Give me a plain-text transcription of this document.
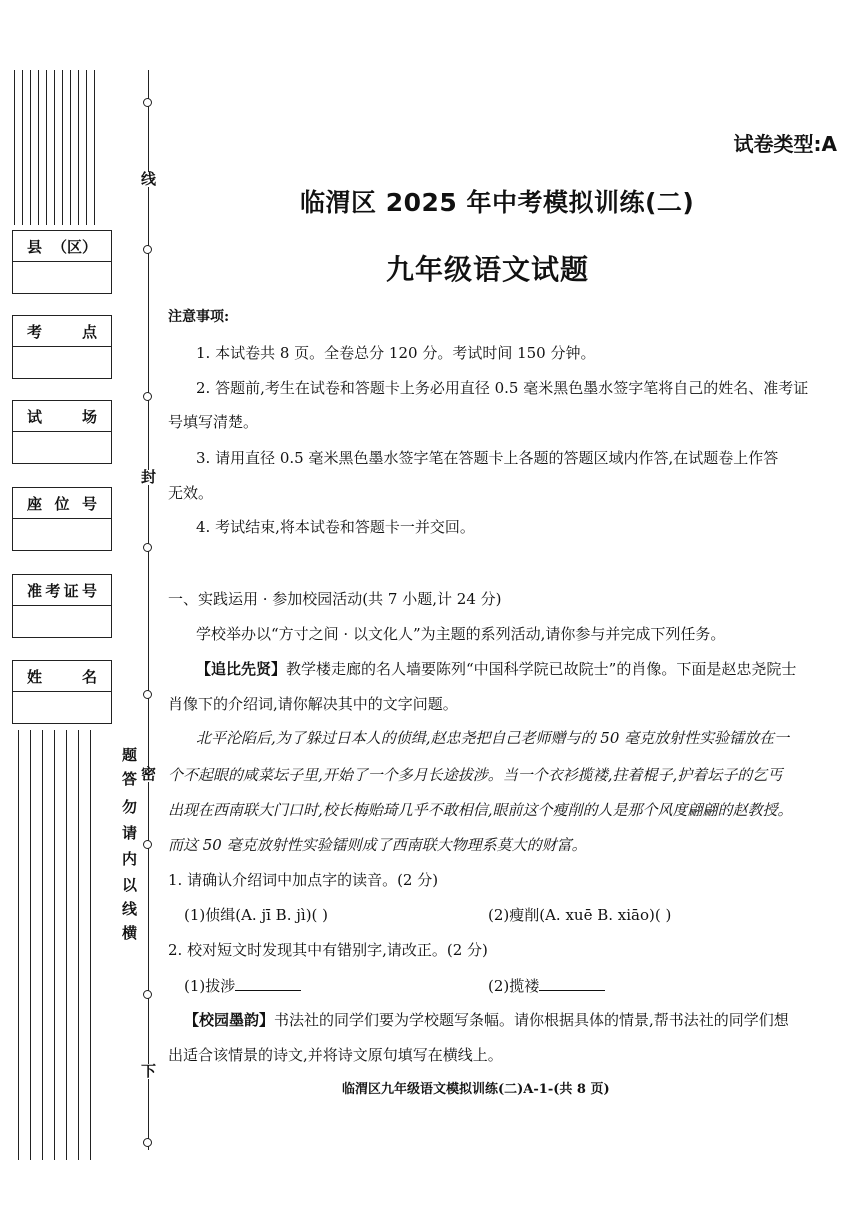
线
封
密
下
题
答
勿
请
内
以
线
横
县 （区）
考	点
试	场
座 位 号
准 考 证 号
姓	名
试卷类型:A
临渭区 2025 年中考模拟训练(二)
九年级语文试题
注意事项:
1. 本试卷共 8 页。全卷总分 120 分。考试时间 150 分钟。
2. 答题前,考生在试卷和答题卡上务必用直径 0.5 毫米黑色墨水签字笔将自己的姓名、准考证
号填写清楚。
3. 请用直径 0.5 毫米黑色墨水签字笔在答题卡上各题的答题区域内作答,在试题卷上作答
无效。
4. 考试结束,将本试卷和答题卡一并交回。
一、实践运用 · 参加校园活动(共 7 小题,计 24 分)
学校举办以“方寸之间 · 以文化人”为主题的系列活动,请你参与并完成下列任务。
【追比先贤】教学楼走廊的名人墙要陈列“中国科学院已故院士”的肖像。下面是赵忠尧院士
肖像下的介绍词,请你解决其中的文字问题。
北平沦陷后,为了躲过日本人的侦缉,赵忠尧把自己老师赠与的 50 毫克放射性实验镭放在一
个不起眼的咸菜坛子里,开始了一个多月长途拔涉。当一个衣衫揽褛,拄着棍子,护着坛子的乞丐
出现在西南联大门口时,校长梅贻琦几乎不敢相信,眼前这个瘦削的人是那个风度翩翩的赵教授。
而这 50 毫克放射性实验镭则成了西南联大物理系莫大的财富。
1. 请确认介绍词中加点字的读音。(2 分)
(1)侦缉(A. jī B. jì)( )	(2)瘦削(A. xuē B. xiāo)( )
2. 校对短文时发现其中有错别字,请改正。(2 分)
(1)拔涉	(2)揽褛
【校园墨韵】书法社的同学们要为学校题写条幅。请你根据具体的情景,帮书法社的同学们想
出适合该情景的诗文,并将诗文原句填写在横线上。
临渭区九年级语文模拟训练(二)A-1-(共 8 页)
